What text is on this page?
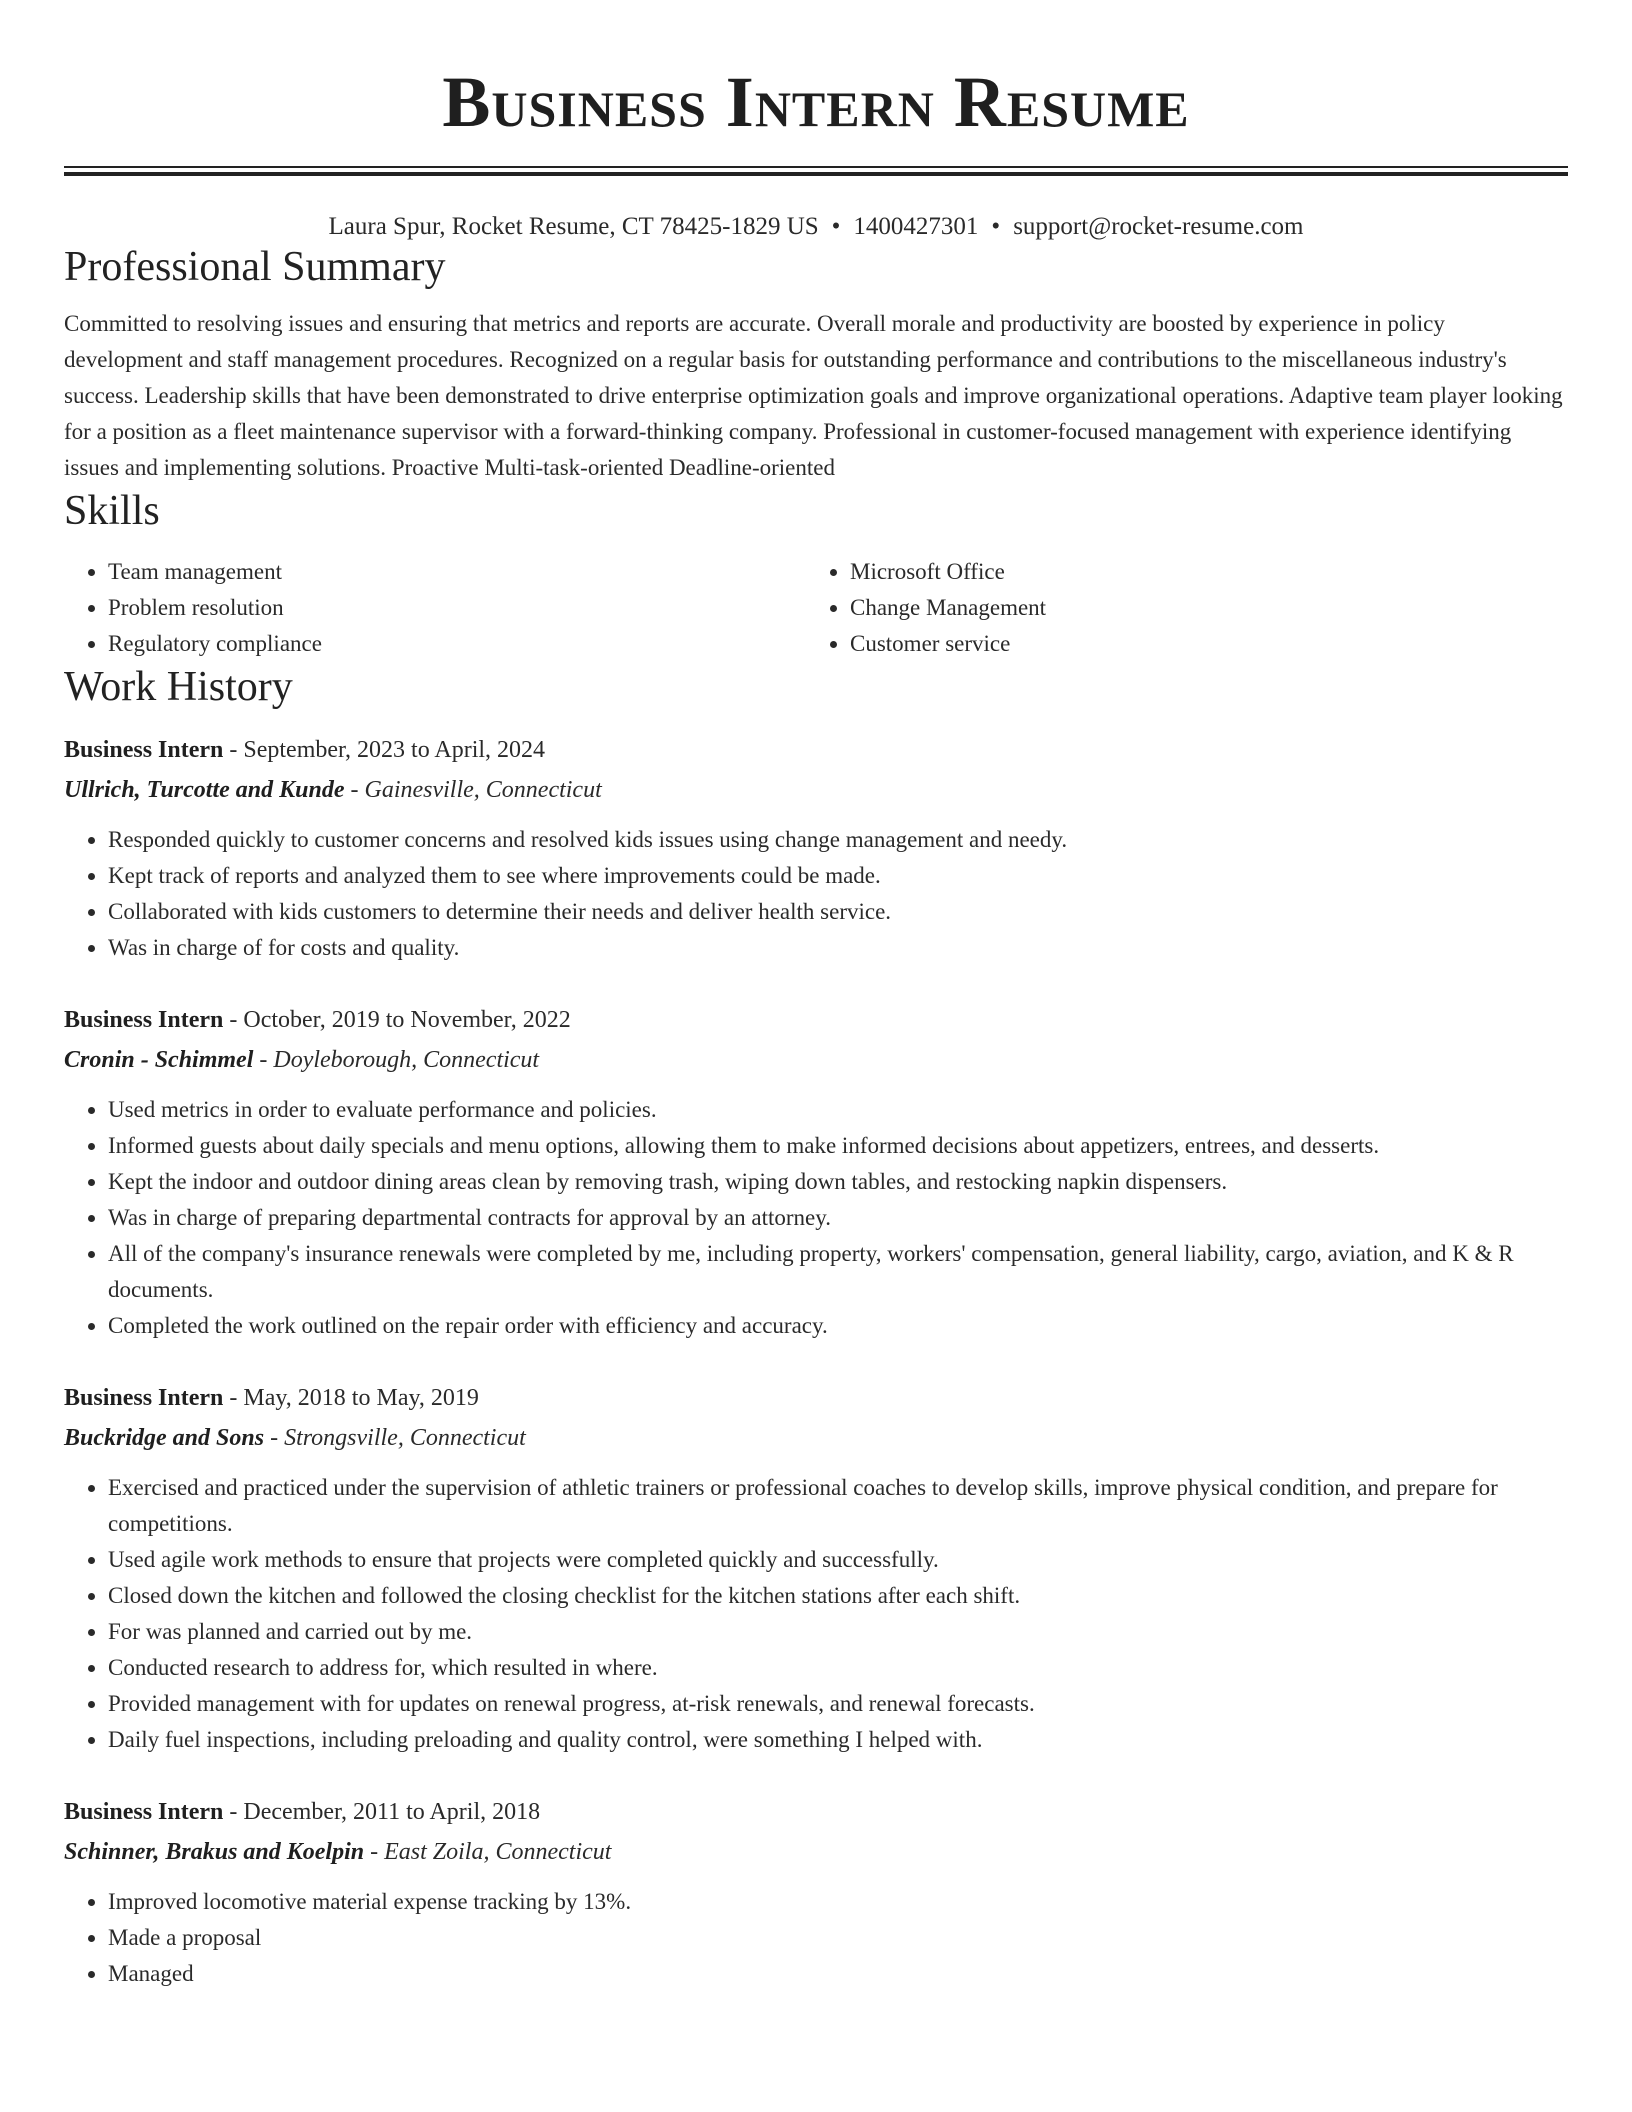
Business Intern Resume
Laura Spur, Rocket Resume, CT 78425-1829 US • 1400427301 • support@rocket-resume.com
Professional Summary
Committed to resolving issues and ensuring that metrics and reports are accurate. Overall morale and productivity are boosted by experience in policy development and staff management procedures. Recognized on a regular basis for outstanding performance and contributions to the miscellaneous industry's success. Leadership skills that have been demonstrated to drive enterprise optimization goals and improve organizational operations. Adaptive team player looking for a position as a fleet maintenance supervisor with a forward-thinking company. Professional in customer-focused management with experience identifying issues and implementing solutions. Proactive Multi-task-oriented Deadline-oriented
Skills
• Team management
• Problem resolution
• Regulatory compliance
• Microsoft Office
• Change Management
• Customer service
Work History
Business Intern - September, 2023 to April, 2024
Ullrich, Turcotte and Kunde - Gainesville, Connecticut
• Responded quickly to customer concerns and resolved kids issues using change management and needy.
• Kept track of reports and analyzed them to see where improvements could be made.
• Collaborated with kids customers to determine their needs and deliver health service.
• Was in charge of for costs and quality.
Business Intern - October, 2019 to November, 2022
Cronin - Schimmel - Doyleborough, Connecticut
• Used metrics in order to evaluate performance and policies.
• Informed guests about daily specials and menu options, allowing them to make informed decisions about appetizers, entrees, and desserts.
• Kept the indoor and outdoor dining areas clean by removing trash, wiping down tables, and restocking napkin dispensers.
• Was in charge of preparing departmental contracts for approval by an attorney.
• All of the company's insurance renewals were completed by me, including property, workers' compensation, general liability, cargo, aviation, and K & R documents.
• Completed the work outlined on the repair order with efficiency and accuracy.
Business Intern - May, 2018 to May, 2019
Buckridge and Sons - Strongsville, Connecticut
• Exercised and practiced under the supervision of athletic trainers or professional coaches to develop skills, improve physical condition, and prepare for competitions.
• Used agile work methods to ensure that projects were completed quickly and successfully.
• Closed down the kitchen and followed the closing checklist for the kitchen stations after each shift.
• For was planned and carried out by me.
• Conducted research to address for, which resulted in where.
• Provided management with for updates on renewal progress, at-risk renewals, and renewal forecasts.
• Daily fuel inspections, including preloading and quality control, were something I helped with.
Business Intern - December, 2011 to April, 2018
Schinner, Brakus and Koelpin - East Zoila, Connecticut
• Improved locomotive material expense tracking by 13%.
• Made a proposal
• Managed
